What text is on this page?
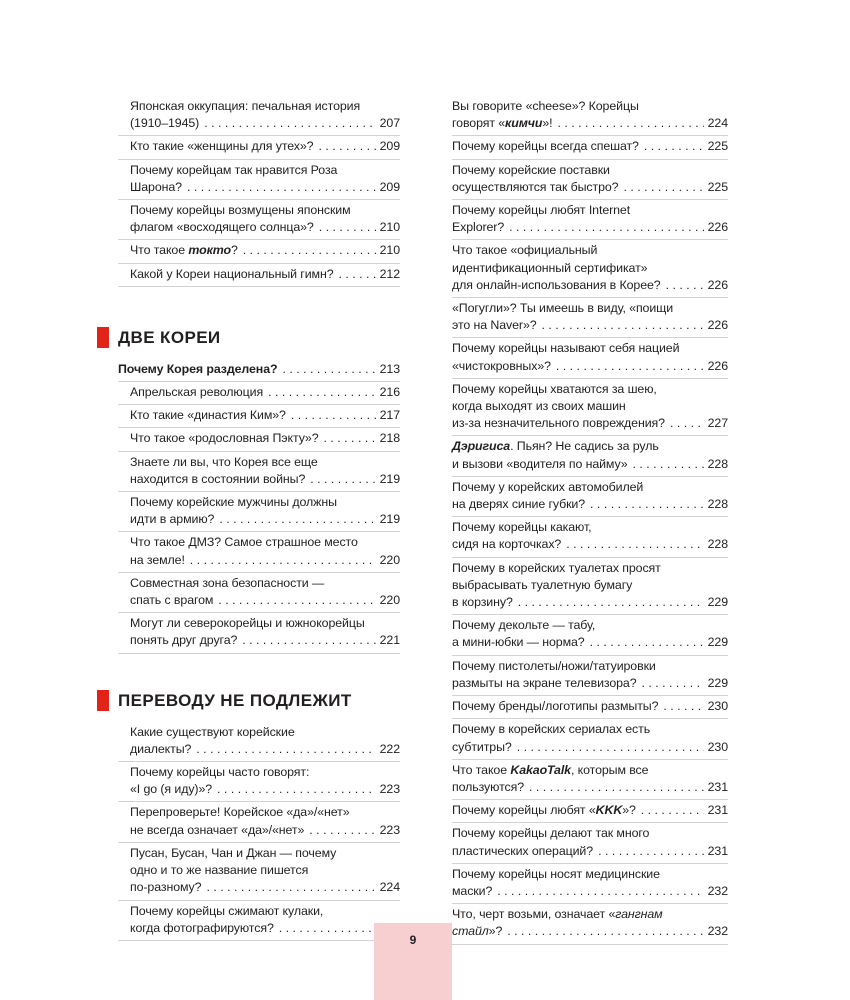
Японская оккупация: печальная история
(1910–1945) . . .	207
Кто такие «женщины для утех»? . . .	209
Почему корейцам так нравится Роза
Шарона? . . .	209
Почему корейцы возмущены японским
флагом «восходящего солнца»? . . .	210
Что такое токто? . . .	210
Какой у Кореи национальный гимн? . . .	212
ДВЕ КОРЕИ
Почему Корея разделена? . . .	213
Апрельская революция . . .	216
Кто такие «династия Ким»? . . .	217
Что такое «родословная Пэкту»? . . .	218
Знаете ли вы, что Корея все еще
находится в состоянии войны? . . .	219
Почему корейские мужчины должны
идти в армию? . . .	219
Что такое ДМЗ? Самое страшное место
на земле! . . .	220
Совместная зона безопасности —
спать с врагом . . .	220
Могут ли северокорейцы и южнокорейцы
понять друг друга? . . .	221
ПЕРЕВОДУ НЕ ПОДЛЕЖИТ
Какие существуют корейские
диалекты? . . .	222
Почему корейцы часто говорят:
«I go (я иду)»? . . .	223
Перепроверьте! Корейское «да»/«нет»
не всегда означает «да»/«нет» . . .	223
Пусан, Бусан, Чан и Джан — почему
одно и то же название пишется
по-разному? . . .	224
Почему корейцы сжимают кулаки,
когда фотографируются?
. . .
Вы говорите «cheese»? Корейцы
говорят «кимчи»! . . .	224
Почему корейцы всегда спешат? . . .	225
Почему корейские поставки
осуществляются так быстро? . . .	225
Почему корейцы любят Internet
Explorer? . . .	226
Что такое «официальный
идентификационный сертификат»
для онлайн-использования в Корее? . . .	226
«Погугли»? Ты имеешь в виду, «поищи
это на Naver»? . . .	226
Почему корейцы называют себя нацией
«чистокровных»? . . .	226
Почему корейцы хватаются за шею,
когда выходят из своих машин
из-за незначительного повреждения? . . .	227
Дэригиса. Пьян? Не садись за руль
и вызови «водителя по найму» . . .	228
Почему у корейских автомобилей
на дверях синие губки? . . .	228
Почему корейцы какают,
сидя на корточках? . . .	228
Почему в корейских туалетах просят
выбрасывать туалетную бумагу
в корзину? . . .	229
Почему декольте — табу,
а мини-юбки — норма? . . .	229
Почему пистолеты/ножи/татуировки
размыты на экране телевизора? . . .	229
Почему бренды/логотипы размыты? . . .	230
Почему в корейских сериалах есть
субтитры? . . .	230
Что такое KakaoTalk, которым все
пользуются? . . .	231
Почему корейцы любят «KKK»? . . .	231
Почему корейцы делают так много
пластических операций? . . .	231
Почему корейцы носят медицинские
маски? . . .	232
Что, черт возьми, означает «гангнам
стайл»? . . .	232
9
